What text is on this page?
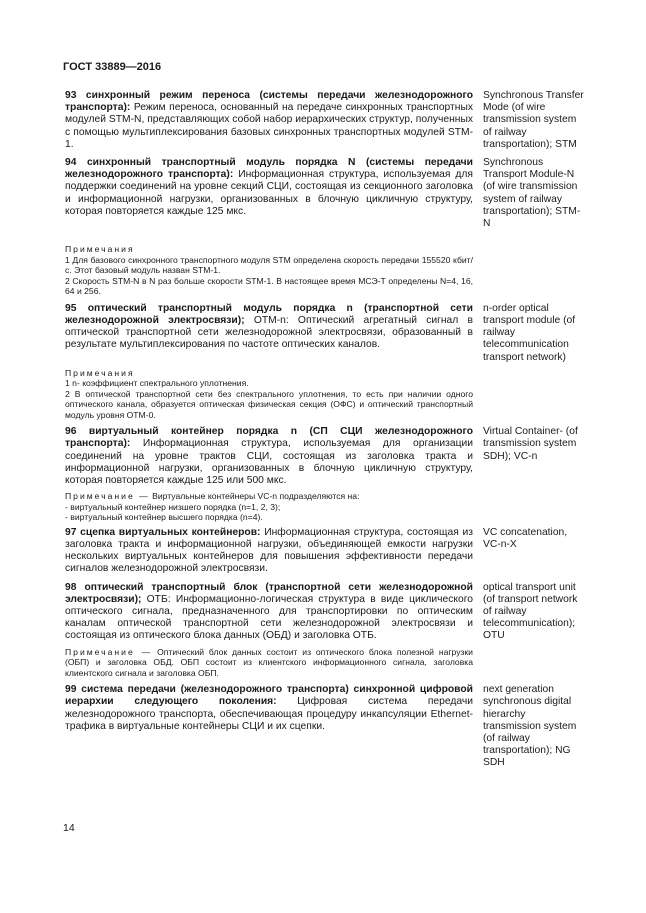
ГОСТ 33889—2016
93 синхронный режим переноса (системы передачи железнодорожного транспорта): Режим переноса, основанный на передаче синхронных транспортных модулей STM-N, представляющих собой набор иерархических структур, полученных с помощью мультиплексирования базовых синхронных транспортных модулей STM-1.
Synchronous Transfer Mode (of wire transmission system of railway transportation); STM
94 синхронный транспортный модуль порядка N (системы передачи железнодорожного транспорта): Информационная структура, используемая для поддержки соединений на уровне секций СЦИ, состоящая из секционного заголовка и информационной нагрузки, организованных в блочную цикличную структуру, которая повторяется каждые 125 мкс.
Synchronous Transport Module-N (of wire transmission system of railway transportation); STM-N
Примечания
1 Для базового синхронного транспортного модуля STM определена скорость передачи 155520 кбит/с. Этот базовый модуль назван STM-1.
2 Скорость STM-N в N раз больше скорости STM-1. В настоящее время МСЭ-Т определены N=4, 16, 64 и 256.
95 оптический транспортный модуль порядка n (транспортной сети железнодорожной электросвязи); ОТМ-n: Оптический агрегатный сигнал в оптической транспортной сети железнодорожной электросвязи, образованный в результате мультиплексирования по частоте оптических каналов.
n-order optical transport module (of railway telecommunication transport network)
Примечания
1 n- коэффициент спектрального уплотнения.
2 В оптической транспортной сети без спектрального уплотнения, то есть при наличии одного оптического канала, образуется оптическая физическая секция (ОФС) и оптический транспортный модуль уровня ОТМ-0.
96 виртуальный контейнер порядка n (СП СЦИ железнодорожного транспорта): Информационная структура, используемая для организации соединений на уровне трактов СЦИ, состоящая из заголовка тракта и информационной нагрузки, организованных в блочную цикличную структуру, которая повторяется каждые 125 или 500 мкс.
Virtual Container- (of transmission system SDH); VC-n
Примечание — Виртуальные контейнеры VC-n подразделяются на:
- виртуальный контейнер низшего порядка (n=1, 2, 3);
- виртуальный контейнер высшего порядка (n=4).
97 сцепка виртуальных контейнеров: Информационная структура, состоящая из заголовка тракта и информационной нагрузки, объединяющей емкости нагрузки нескольких виртуальных контейнеров для повышения эффективности передачи сигналов железнодорожной электросвязи.
VC concatenation, VC-n-X
98 оптический транспортный блок (транспортной сети железнодорожной электросвязи); ОТБ: Информационно-логическая структура в виде циклического оптического сигнала, предназначенного для транспортировки по оптическим каналам оптической транспортной сети железнодорожной электросвязи и состоящая из оптического блока данных (ОБД) и заголовка ОТБ.
optical transport unit (of transport network of railway telecommunication); OTU
Примечание — Оптический блок данных состоит из оптического блока полезной нагрузки (ОБП) и заголовка ОБД. ОБП состоит из клиентского информационного сигнала, заголовка клиентского сигнала и заголовка ОБП.
99 система передачи (железнодорожного транспорта) синхронной цифровой иерархии следующего поколения: Цифровая система передачи железнодорожного транспорта, обеспечивающая процедуру инкапсуляции Ethernet-трафика в виртуальные контейнеры СЦИ и их сцепки.
next generation synchronous digital hierarchy transmission system (of railway transportation); NG SDH
14
